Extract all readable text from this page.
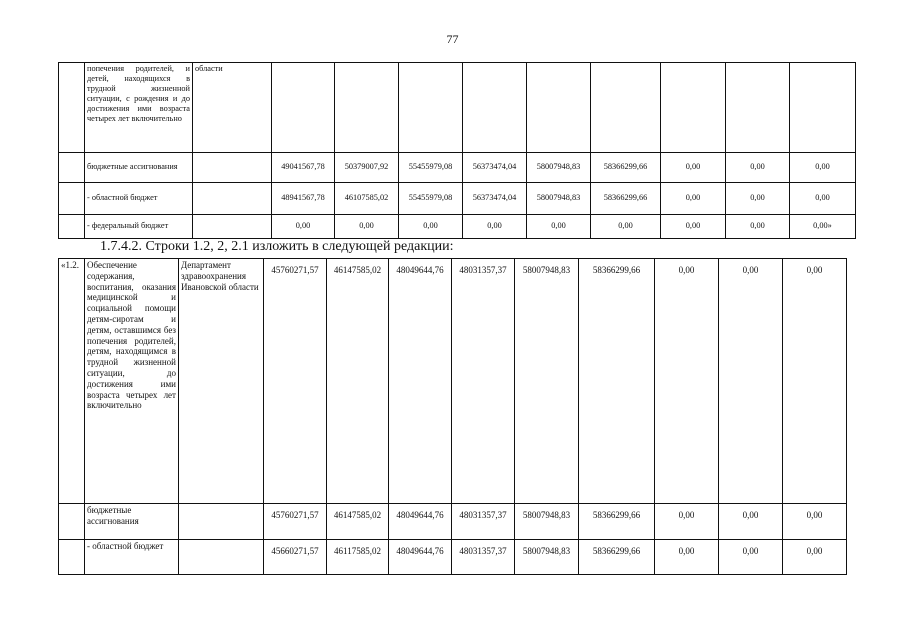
77
	попечения родителей, и детей, находящихся в трудной жизненной ситуации, с рождения и до достижения ими возраста четырех лет включительно	области									
	бюджетные ассигнования		49041567,78	50379007,92	55455979,08	56373474,04	58007948,83	58366299,66	0,00	0,00	0,00
	- областной бюджет		48941567,78	46107585,02	55455979,08	56373474,04	58007948,83	58366299,66	0,00	0,00	0,00
	- федеральный бюджет		0,00	0,00	0,00	0,00	0,00	0,00	0,00	0,00	0,00»
1.7.4.2. Строки 1.2, 2, 2.1 изложить в следующей редакции:
«1.2.	Обеспечение содержания, воспитания, оказания медицинской и социальной помощи детям-сиротам и детям, оставшимся без попечения родителей, детям, находящимся в трудной жизненной ситуации, до достижения ими возраста четырех лет включительно	Департамент здравоохранения Ивановской области	45760271,57	46147585,02	48049644,76	48031357,37	58007948,83	58366299,66	0,00	0,00	0,00
	бюджетные ассигнования		45760271,57	46147585,02	48049644,76	48031357,37	58007948,83	58366299,66	0,00	0,00	0,00
	- областной бюджет		45660271,57	46117585,02	48049644,76	48031357,37	58007948,83	58366299,66	0,00	0,00	0,00
